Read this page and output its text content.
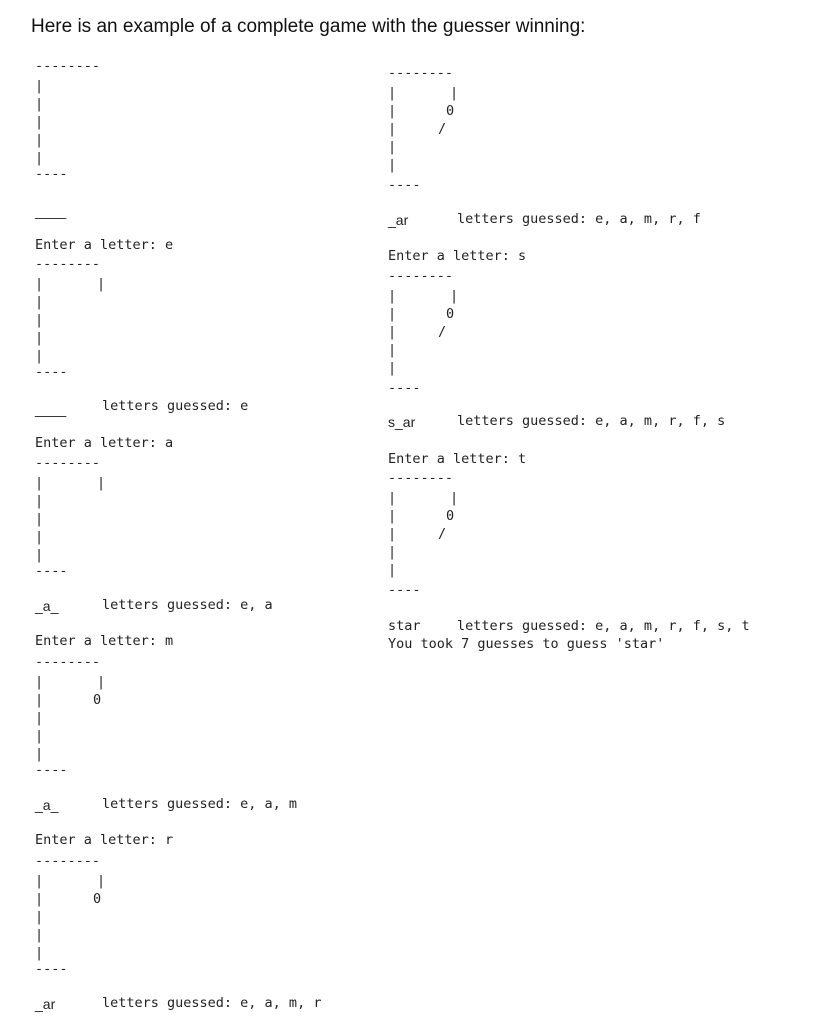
Here is an example of a complete game with the guesser winning:
--------
|
|
|
|
|
----
____
Enter a letter: e
--------
|	|
|
|
|
|
----
____	letters guessed: e
Enter a letter: a
--------
|	|
|
|
|
|
----
_a_	letters guessed: e, a
Enter a letter: m
--------
|	|
|	0
|
|
|
----
_a_	letters guessed: e, a, m
Enter a letter: r
--------
|	|
|	0
|
|
|
----
_ar	letters guessed: e, a, m, r
--------
|	|
|	0
|	/
|
|
----
_ar	letters guessed: e, a, m, r, f
Enter a letter: s
--------
|	|
|	0
|	/
|
|
----
s_ar	letters guessed: e, a, m, r, f, s
Enter a letter: t
--------
|	|
|	0
|	/
|
|
----
star	letters guessed: e, a, m, r, f, s, t
You took 7 guesses to guess 'star'
